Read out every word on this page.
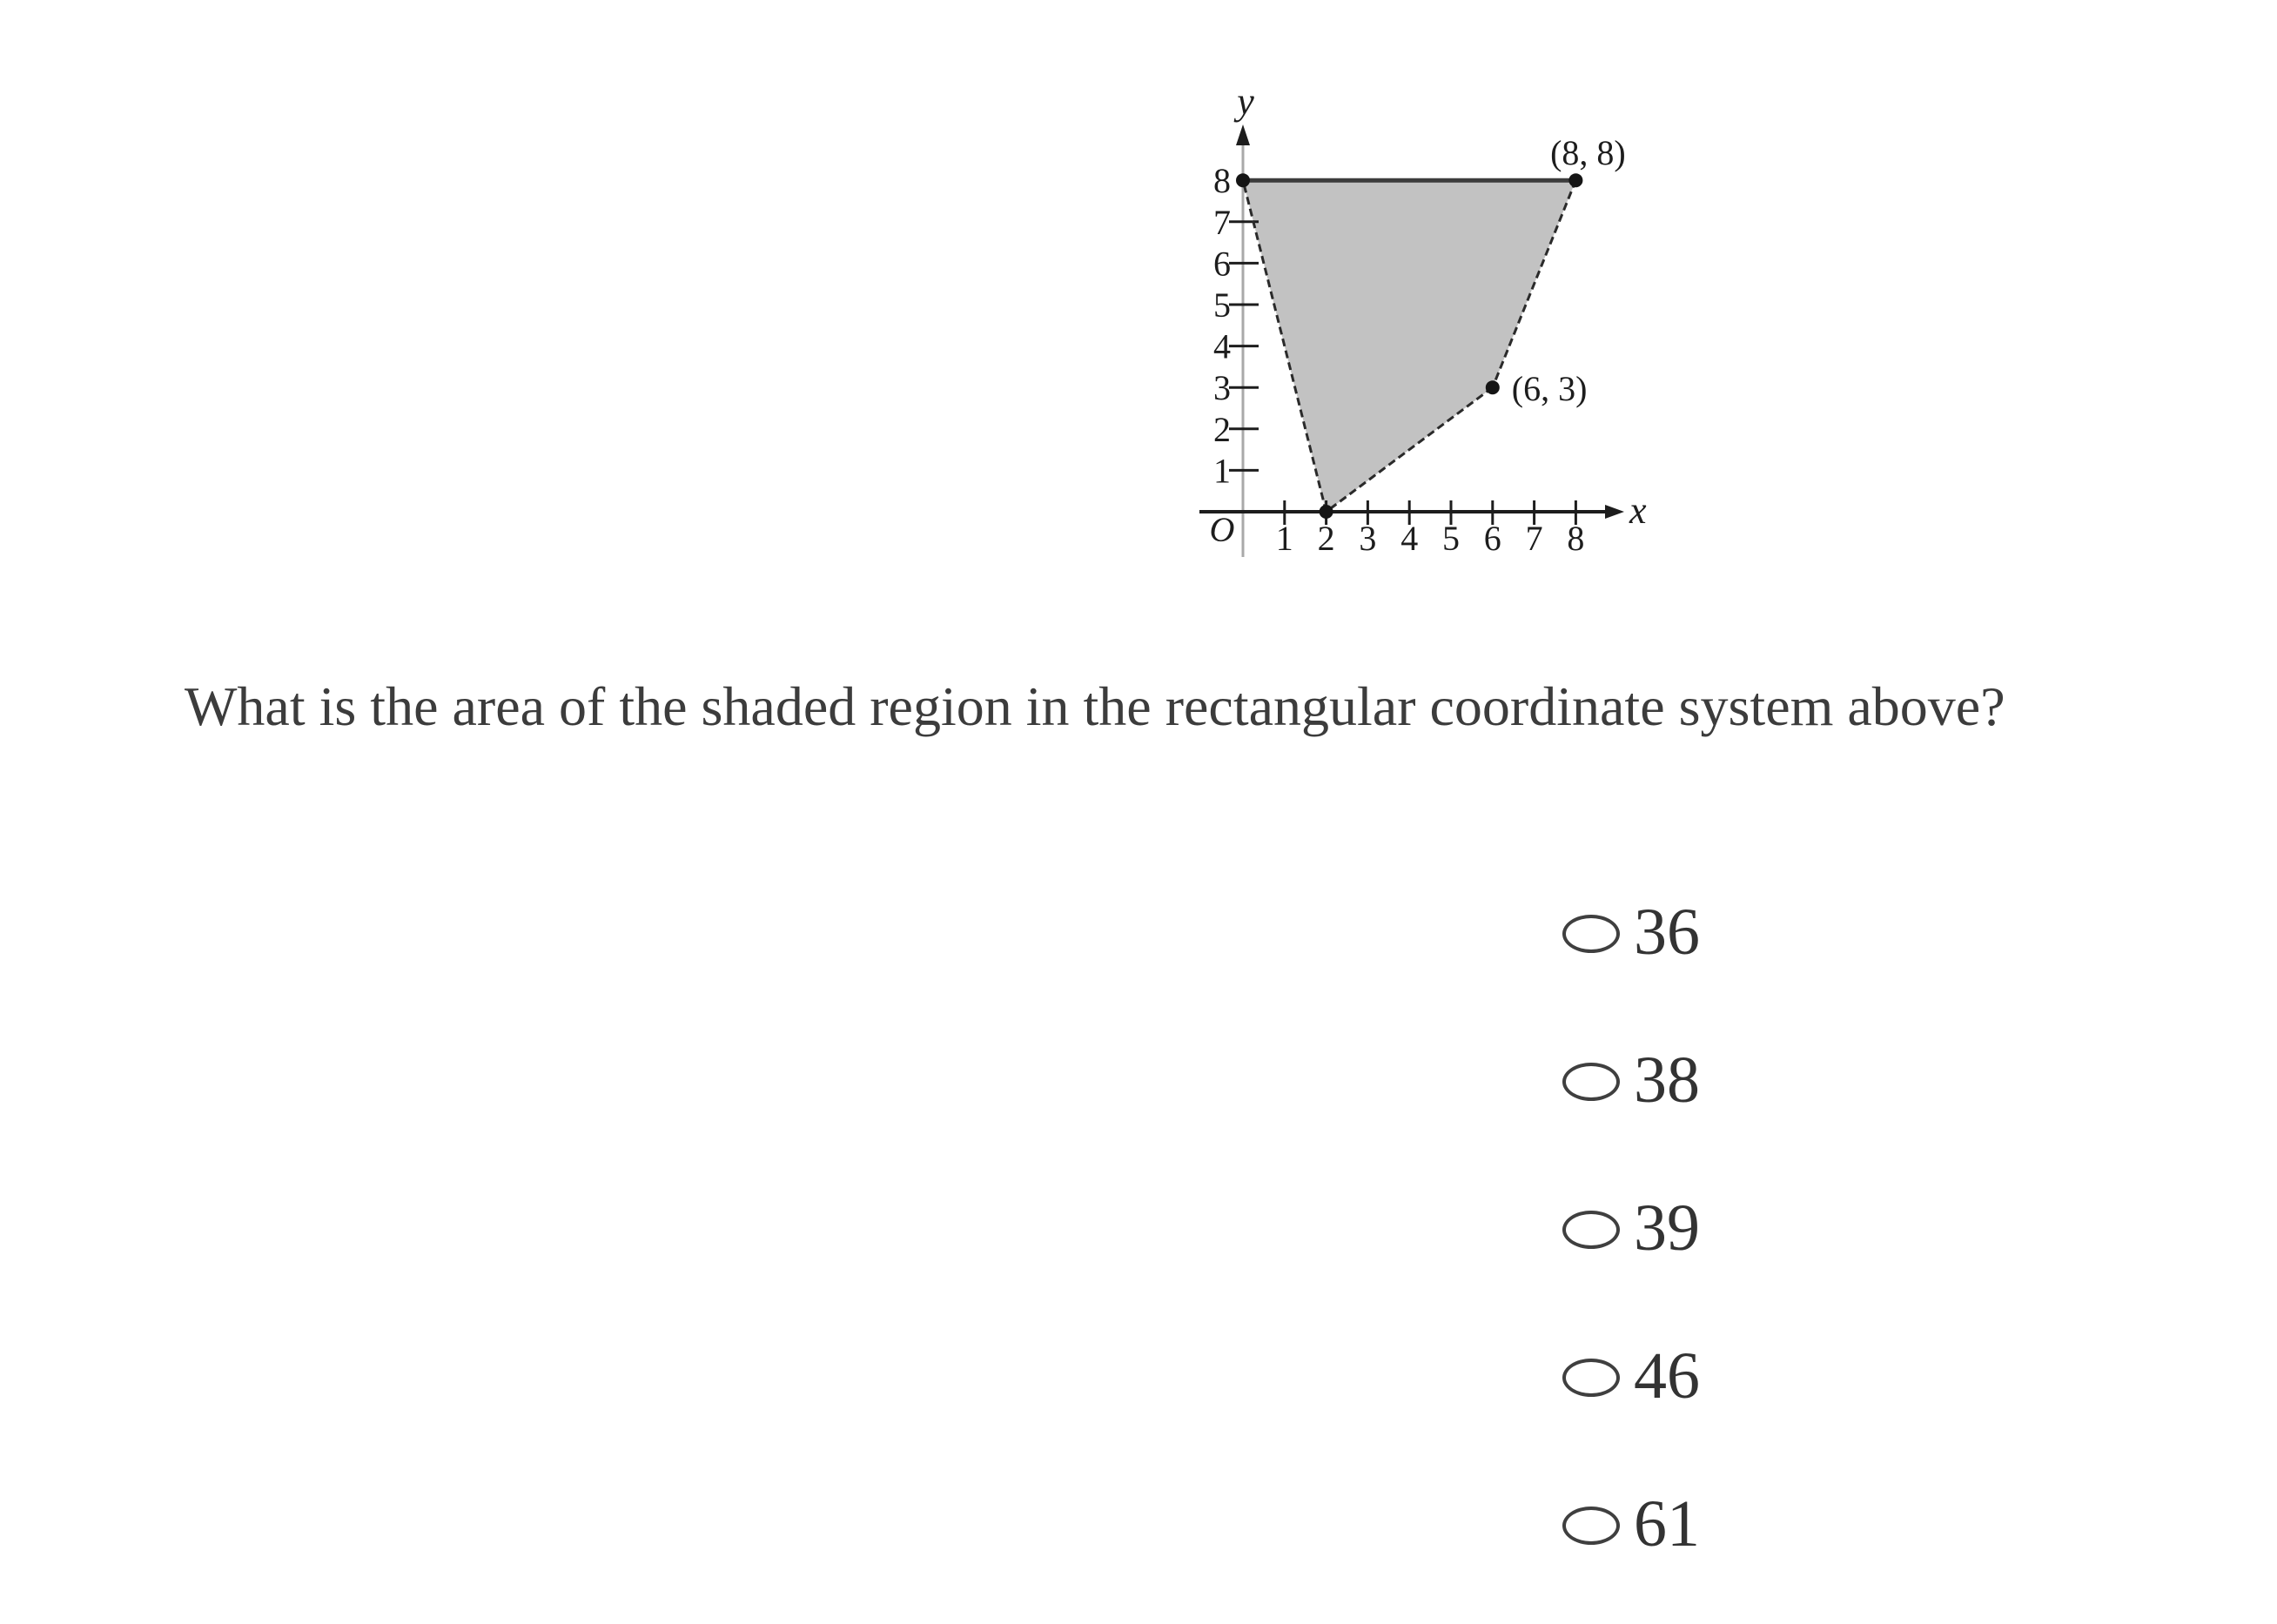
y
x
O
1
2
3
4
5
6
7
8
1 2 3 4 5 6 7 8
(8, 8)
(6, 3)

What is the area of the shaded region in the rectangular coordinate system above?

36
38
39
46
61
